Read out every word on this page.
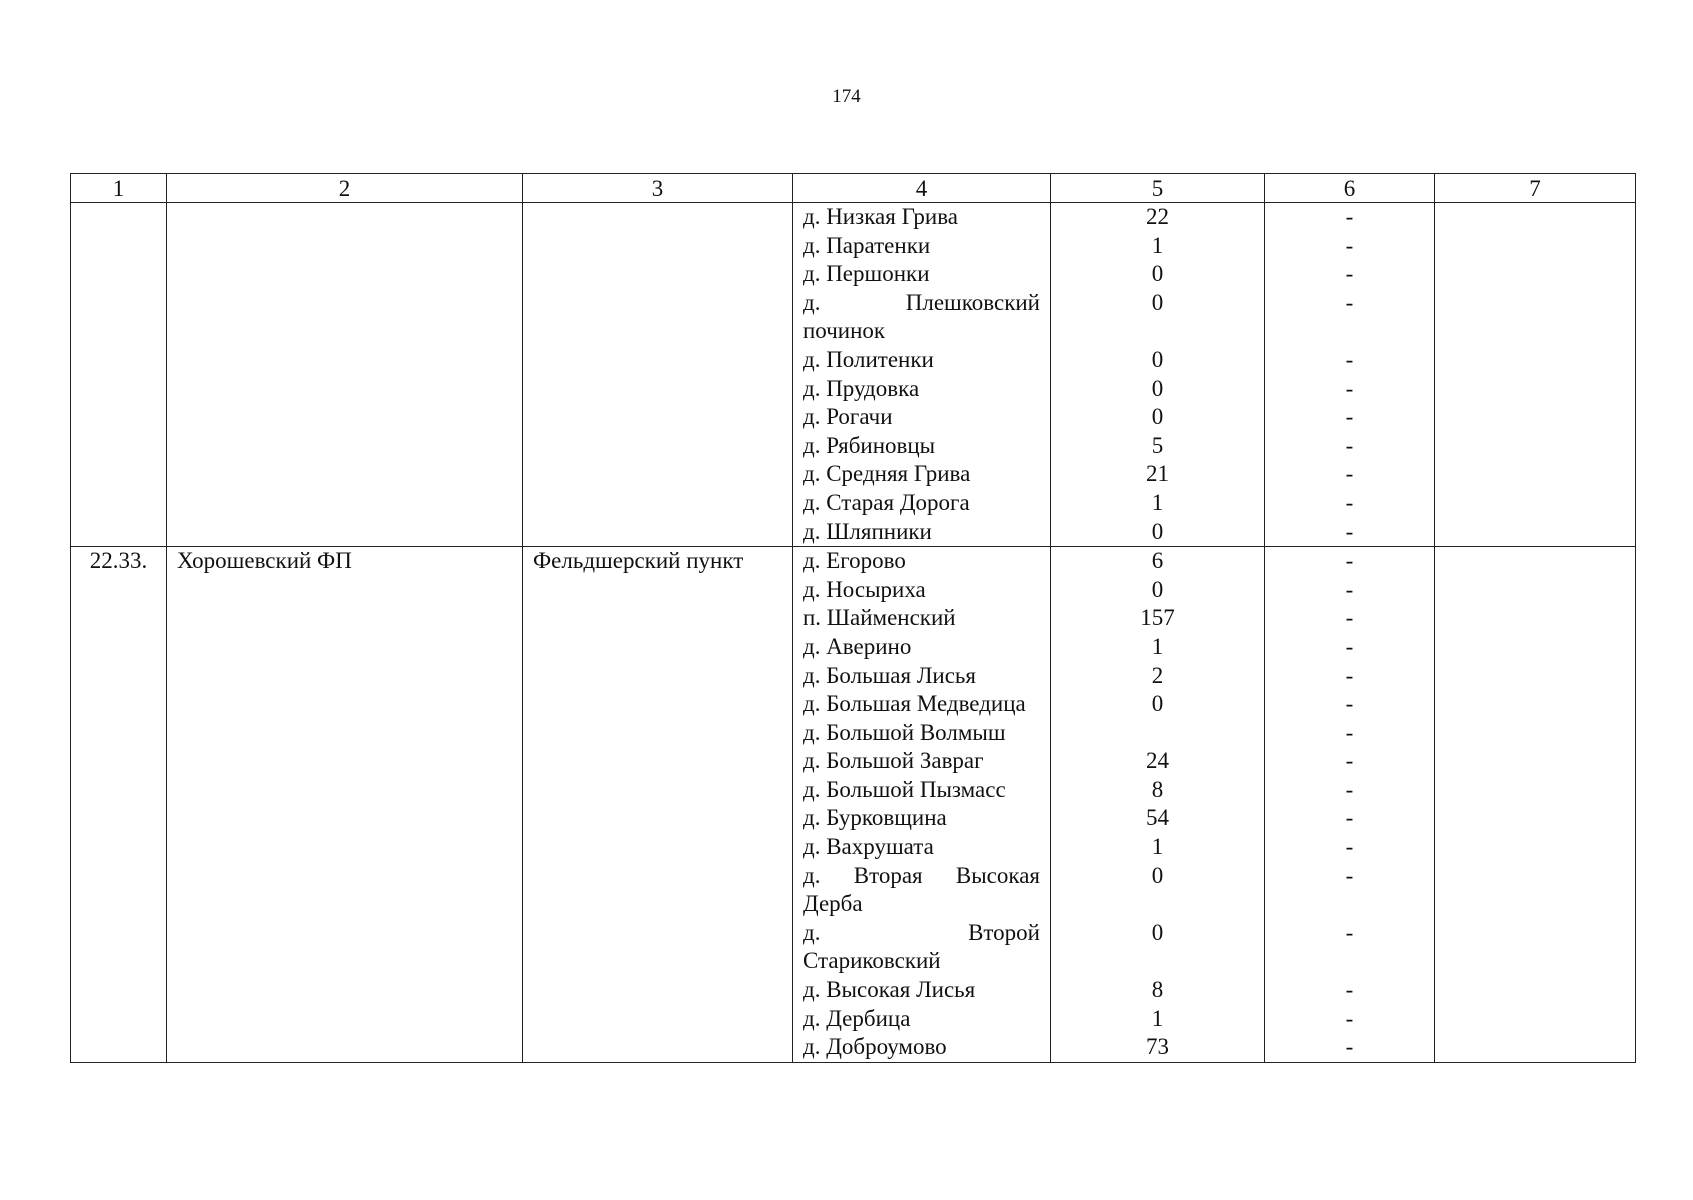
174
1	2	3	4	5	6	7
			д. Низкая Грива	22	-	
			д. Паратенки	1	-	
			д. Першонки	0	-	
			д. Плешковский починок	0	-	
			д. Политенки	0	-	
			д. Прудовка	0	-	
			д. Рогачи	0	-	
			д. Рябиновцы	5	-	
			д. Средняя Грива	21	-	
			д. Старая Дорога	1	-	
			д. Шляпники	0	-	
22.33.	Хорошевский ФП	Фельдшерский пункт	д. Егорово	6	-	
			д. Носыриха	0	-	
			п. Шайменский	157	-	
			д. Аверино	1	-	
			д. Большая Лисья	2	-	
			д. Большая Медведица	0	-	
			д. Большой Волмыш		-	
			д. Большой Завраг	24	-	
			д. Большой Пызмасс	8	-	
			д. Бурковщина	54	-	
			д. Вахрушата	1	-	
			д. Вторая Высокая Дерба	0	-	
			д. Второй Стариковский	0	-	
			д. Высокая Лисья	8	-	
			д. Дербица	1	-	
			д. Доброумово	73	-	
